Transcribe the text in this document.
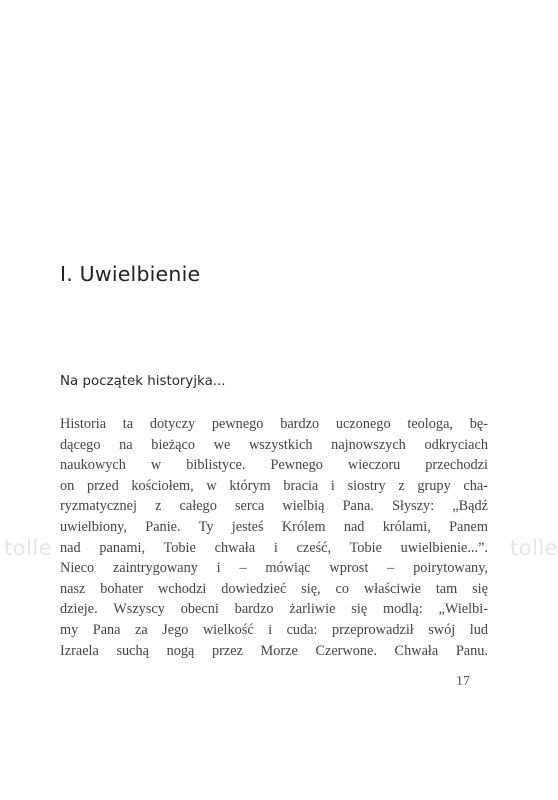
I. Uwielbienie
Na początek historyjka...
Historia ta dotyczy pewnego bardzo uczonego teologa, bę-
dącego na bieżąco we wszystkich najnowszych odkryciach
naukowych w biblistyce. Pewnego wieczoru przechodzi
on przed kościołem, w którym bracia i siostry z grupy cha-
ryzmatycznej z całego serca wielbią Pana. Słyszy: „Bądź
uwielbiony, Panie. Ty jesteś Królem nad królami, Panem
nad panami, Tobie chwała i cześć, Tobie uwielbienie...”.
Nieco zaintrygowany i – mówiąc wprost – poirytowany,
nasz bohater wchodzi dowiedzieć się, co właściwie tam się
dzieje. Wszyscy obecni bardzo żarliwie się modlą: „Wielbi-
my Pana za Jego wielkość i cuda: przeprowadził swój lud
Izraela suchą nogą przez Morze Czerwone. Chwała Panu.
17
tolle	tolle
